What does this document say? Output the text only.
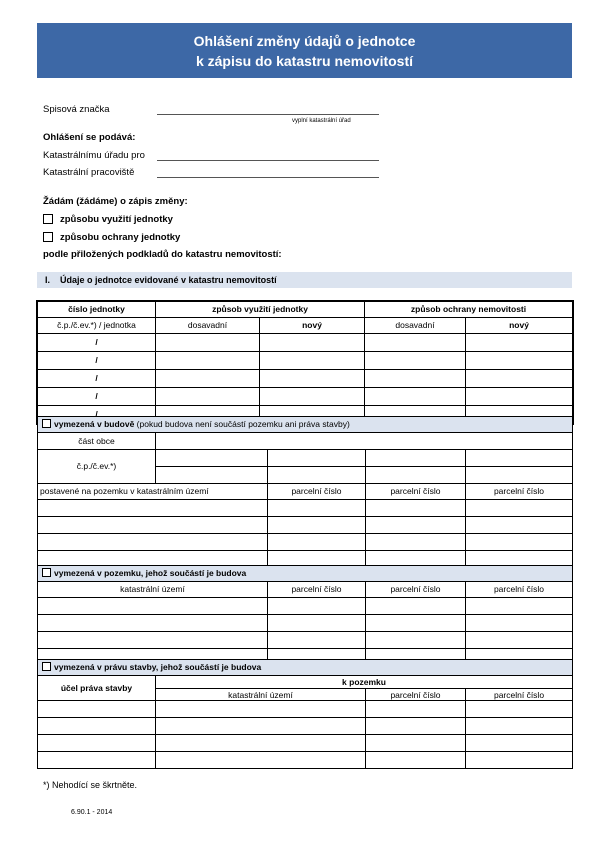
Ohlášení změny údajů o jednotce
k zápisu do katastru nemovitostí
Spisová značka
vyplní katastrální úřad
Ohlášení se podává:
Katastrálnímu úřadu pro
Katastrální pracoviště
Žádám (žádáme) o zápis změny:
způsobu využití jednotky
způsobu ochrany jednotky
podle přiložených podkladů do katastru nemovitostí:
I. Údaje o jednotce evidované v katastru nemovitostí
číslo jednotky	způsob využití jednotky		způsob ochrany nemovitosti	
č.p./č.ev.*) / jednotka	dosavadní	nový	dosavadní	nový
/				
/				
/				
/				
/				
vymezená v budově (pokud budova není součástí pozemku ani práva stavby)				
část obce				
č.p./č.ev.*)				

postavené na pozemku v katastrálním území		parcelní číslo	parcelní číslo	parcelní číslo

vymezená v pozemku, jehož součástí je budova			
katastrální území	parcelní číslo	parcelní číslo	parcelní číslo

vymezená v právu stavby, jehož součástí je budova			
účel práva stavby	k pozemku		
	katastrální území	parcelní číslo	parcelní číslo

*) Nehodící se škrtněte.
6.90.1 - 2014
